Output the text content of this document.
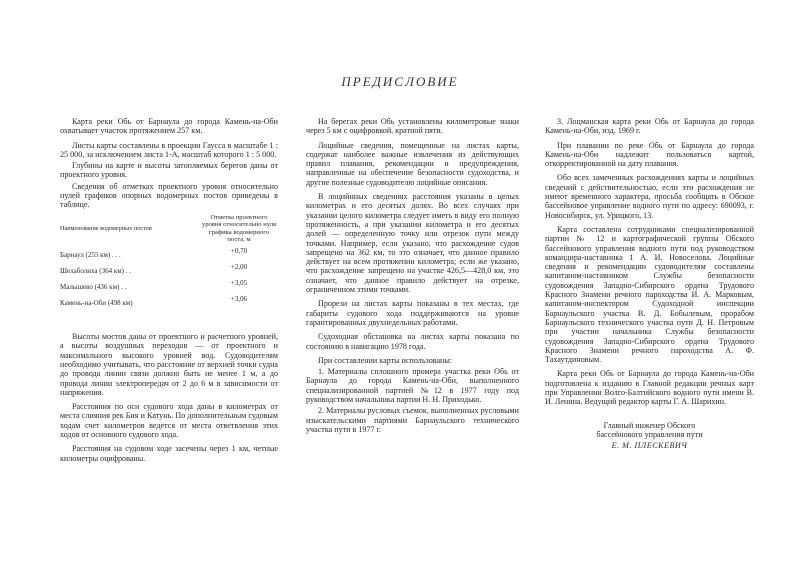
ПРЕДИСЛОВИЕ

Карта реки Обь от Барнаула до города Камень-на-Оби охватывает участок протяжением 257 км.

Листы карты составлены в проекции Гаусса в масштабе 1 : 25 000, за исключением листа 1-А, масштаб которого 1 : 5 000.

Глубины на карте и высоты затопляемых берегов даны от проектного уровня.

Сведения об отметках проектного уровня относительно нулей графиков опорных водомерных постов приведены в таблице.

Наименование водомерных постов	Отметка проектного уровня относительно нуля графика водомерного поста, м
Барнаул (255 км) . . .	+0,70
Шелаболиха (364 км) . .	+2,00
Малышево (436 км) . .	+3,05
Камень-на-Оби (498 км)	+3,06

Высоты мостов даны от проектного и расчетного уровней, а высоты воздушных переходов — от проектного и максимального высокого уровней вод. Судоводителям необходимо учитывать, что расстояние от верхней точки судна до провода линии связи должно быть не менее 1 м, а до провода линии электропередач от 2 до 6 м в зависимости от напряжения.

Расстояния по оси судового хода даны в километрах от места слияния рек Бия и Катунь. По дополнительным судовым ходам счет километров ведется от места ответвления этих ходов от основного судового хода.

Расстояния на судовом ходе засечены через 1 км, четные километры оцифрованы.

На берегах реки Обь установлены километровые знаки через 5 км с оцифровкой, кратной пяти.

Лоцийные сведения, помещенные на листах карты, содержат наиболее важные извлечения из действующих правил плавания, рекомендации и предупреждения, направленные на обеспечение безопасности судоходства, и другие полезные судоводителю лоцийные описания.

В лоцийнных сведениях расстояния указаны в целых километрах и его десятых долях. Во всех случаях при указании целого километра следует иметь в виду его полную протяженность, а при указании километра и его десятых долей — определенную точку или отрезок пути между точками. Например, если указано, что расхождение судов запрещено на 362 км, то это означает, что данное правило действует на всем протяжении километра; если же указано, что расхождение запрещено на участке 426,5—428,0 км, это означает, что данное правило действует на отрезке, ограниченном этими точками.

Прорези на листах карты показаны в тех местах, где габариты судового хода поддерживаются на уровне гарантированных двухнедельных работами.

Судоходная обстановка на листах карты показана по состоянию в навигацию 1978 года.

При составлении карты использованы:

1. Материалы сплошного промера участка реки Обь от Барнаула до города Камень-на-Оби, выполненного специализированной партией №12 в 1977 году под руководством начальника партии Н. Н. Приходько.

2. Материалы русловых съемок, выполненных русловыми изыскательскими партиями Барнаульского технического участка пути в 1977 г.

3. Лоцманская карта реки Обь от Барнаула до города Камень-на-Оби, изд. 1969 г.

При плавании по реке Обь от Барнаула до города Камень-на-Оби надлежит пользоваться картой, откорректированной на дату плавания.

Обо всех замеченных расхождениях карты и лоцийных сведений с действительностью, если эти расхождения не имеют временного характера, просьба сообщать в Обское бассейновое управление водного пути по адресу: 690093, г. Новосибирск, ул. Урицкого, 13.

Карта составлена сотрудниками специализированной партии № 12 и картографической группы Обского бассейнового управления водного пути под руководством командира-наставника 1 А. И. Новоселова. Лоцийные сведения и рекомендации судоводителям составлены капитаном-наставником Службы безопасности судовождения Западно-Сибирского ордена Трудового Красного Знамени речного пароходства И. А. Марковым, капитаном-инспектором Судоходной инспекции Барнаульского участка В. Д. Бобылевым, прорабом Барнаульского технического участка пути Д. Н. Петровым при участии начальника Службы безопасности судовождения Западно-Сибирского ордена Трудового Красного Знамени речного пароходства А. Ф. Тахаутдиновым.

Карта реки Обь от Барнаула до города Камень-на-Оби подготовлена к изданию в Главной редакции речных карт при Управлении Волго-Балтийского водного пути имени В. И. Ленина. Ведущий редактор карты Г. А. Шарихин.

Главный инженер Обского
бассейнового управления пути
Е. М. ПЛЕСКЕВИЧ
